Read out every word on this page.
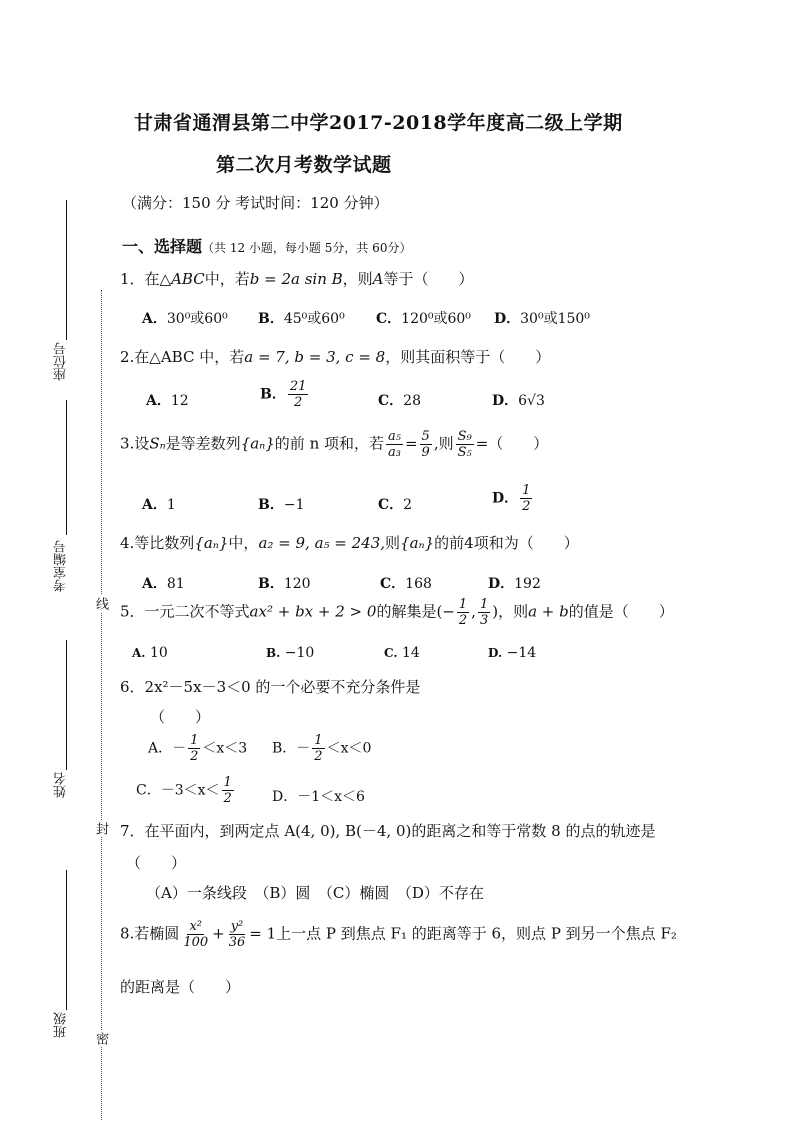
座位号
考室编号
姓名
班级
线
封
密
甘肃省通渭县第二中学2017-2018学年度高二级上学期
第二次月考数学试题
（满分：150 分 考试时间：120 分钟）
一、选择题（共 12 小题，每小题 5分，共 60分）
1．在△ABC中，若b = 2a sin B，则A等于（　　）
A．30⁰或60⁰ B．45⁰或60⁰ C．120⁰或60⁰ D．30⁰或150⁰
2.在△ABC 中，若a = 7, b = 3, c = 8，则其面积等于（　　）
A．12	B． $\frac{21}{2}$	C．28	D．6√3
3.设Sₙ是等差数列{aₙ}的前 n 项和，若 $\frac{\text{a₅}}{\text{a₃}} = \frac{5}{9}$ ,则 $\frac{\text{S₉}}{\text{S₅}}$ =（　　）
A．1	B．−1	C．2	D． $\frac{1}{2}$
4.等比数列{aₙ}中，a₂ = 9, a₅ = 243,则{aₙ}的前4项和为（　　）
A．81	B．120	C．168	D．192
5．一元二次不等式ax² + bx + 2 > 0的解集是(− $\frac{1}{2}$ , $\frac{1}{3}$ )，则a + b的值是（　　）
A. 10	B. −10	C. 14	D. −14
6．2x²－5x－3＜0 的一个必要不充分条件是
（　　）
A．－ $\frac{1}{2} <x<3$ B．－ $\frac{1}{2} <x<0$
C．$-3<x< \frac{1}{2}$	D．－1＜x＜6
7．在平面内，到两定点 A(4, 0), B(－4, 0)的距离之和等于常数 8 的点的轨迹是
（　　）
（A）一条线段　（B）圆　（C）椭圆　（D）不存在
8.若椭圆 $\frac{\text{x²}}{100} + \frac{\text{y²}}{36} = 1$上一点 P 到焦点 F₁ 的距离等于 6，则点 P 到另一个焦点 F₂
的距离是（　　）
